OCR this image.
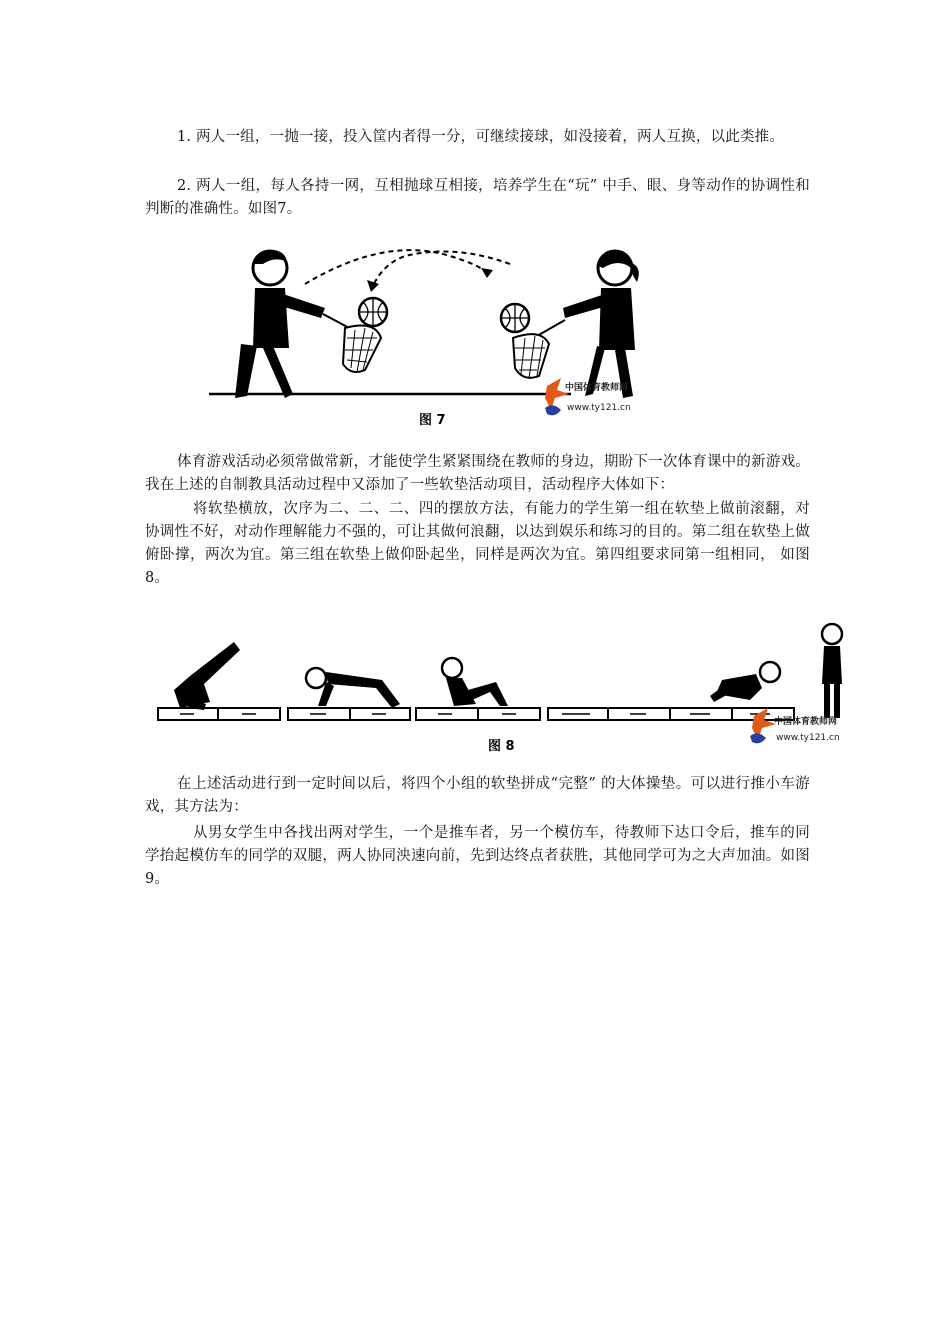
1. 两人一组，一抛一接，投入筐内者得一分，可继续接球，如没接着，两人互换，以此类推。

2. 两人一组，每人各持一网，互相抛球互相接，培养学生在“玩” 中手、眼、身等动作的协调性和判断的准确性。如图7。

中国体育教师网
www.ty121.cn
图 7

体育游戏活动必须常做常新，才能使学生紧紧围绕在教师的身边，期盼下一次体育课中的新游戏。我在上述的自制教具活动过程中又添加了一些软垫活动项目，活动程序大体如下：

将软垫横放，次序为二、二、二、四的摆放方法，有能力的学生第一组在软垫上做前滚翻，对协调性不好，对动作理解能力不强的，可让其做何浪翻，以达到娱乐和练习的目的。第二组在软垫上做俯卧撑，两次为宜。第三组在软垫上做仰卧起坐，同样是两次为宜。第四组要求同第一组相同， 如图8。

中国体育教师网
www.ty121.cn
图 8

在上述活动进行到一定时间以后，将四个小组的软垫拼成“完整” 的大体操垫。可以进行推小车游戏，其方法为：

从男女学生中各找出两对学生，一个是推车者，另一个模仿车，待教师下达口令后，推车的同学抬起模仿车的同学的双腿，两人协同泱速向前，先到达终点者获胜，其他同学可为之大声加油。如图9。
